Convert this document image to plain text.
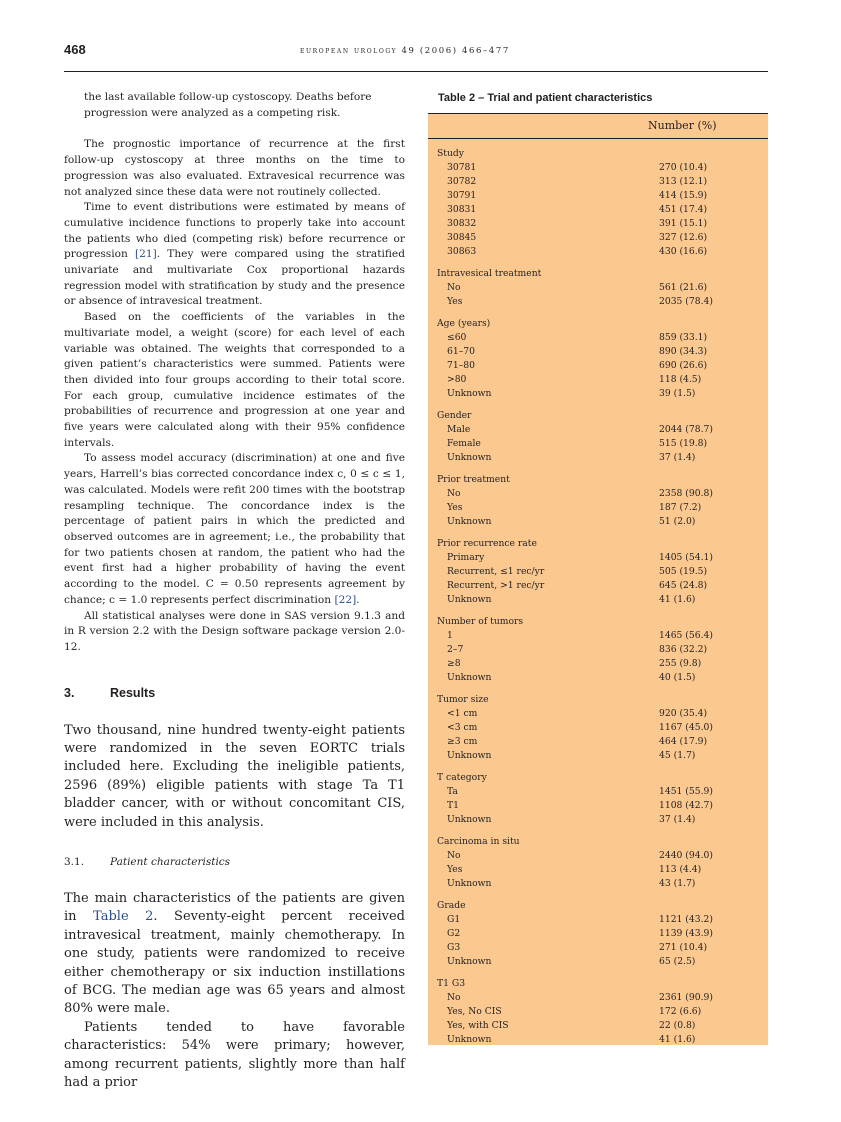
468	european urology 49 (2006) 466–477

the last available follow-up cystoscopy. Deaths before

progression were analyzed as a competing risk.

The prognostic importance of recurrence at the first follow-up cystoscopy at three months on the time to progression was also evaluated. Extravesical recurrence was not analyzed since these data were not routinely collected.

Time to event distributions were estimated by means of cumulative incidence functions to properly take into account the patients who died (competing risk) before recurrence or progression [21]. They were compared using the stratified univariate and multivariate Cox proportional hazards regression model with stratification by study and the presence or absence of intravesical treatment.

Based on the coefficients of the variables in the multivariate model, a weight (score) for each level of each variable was obtained. The weights that corresponded to a given patient’s characteristics were summed. Patients were then divided into four groups according to their total score. For each group, cumulative incidence estimates of the probabilities of recurrence and progression at one year and five years were calculated along with their 95% confidence intervals.

To assess model accuracy (discrimination) at one and five years, Harrell’s bias corrected concordance index c, 0 ≤ c ≤ 1, was calculated. Models were refit 200 times with the bootstrap resampling technique. The concordance index is the percentage of patient pairs in which the predicted and observed outcomes are in agreement; i.e., the probability that for two patients chosen at random, the patient who had the event first had a higher probability of having the event according to the model. C = 0.50 represents agreement by chance; c = 1.0 represents perfect discrimination [22].

All statistical analyses were done in SAS version 9.1.3 and in R version 2.2 with the Design software package version 2.0-12.

3.	Results

Two thousand, nine hundred twenty-eight patients were randomized in the seven EORTC trials included here. Excluding the ineligible patients, 2596 (89%) eligible patients with stage Ta T1 bladder cancer, with or without concomitant CIS, were included in this analysis.

3.1. Patient characteristics

The main characteristics of the patients are given in Table 2. Seventy-eight percent received intravesical treatment, mainly chemotherapy. In one study, patients were randomized to receive either chemotherapy or six induction instillations of BCG. The median age was 65 years and almost 80% were male.

Patients tended to have favorable characteristics: 54% were primary; however, among recurrent patients, slightly more than half had a prior

Table 2 – Trial and patient characteristics
Number (%)
Study
30781	270 (10.4)
30782	313 (12.1)
30791	414 (15.9)
30831	451 (17.4)
30832	391 (15.1)
30845	327 (12.6)
30863	430 (16.6)
Intravesical treatment
No	561 (21.6)
Yes	2035 (78.4)
Age (years)
≤60	859 (33.1)
61–70	890 (34.3)
71–80	690 (26.6)
>80	118 (4.5)
Unknown	39 (1.5)
Gender
Male	2044 (78.7)
Female	515 (19.8)
Unknown	37 (1.4)
Prior treatment
No	2358 (90.8)
Yes	187 (7.2)
Unknown	51 (2.0)
Prior recurrence rate
Primary	1405 (54.1)
Recurrent, ≤1 rec/yr	505 (19.5)
Recurrent, >1 rec/yr	645 (24.8)
Unknown	41 (1.6)
Number of tumors
1	1465 (56.4)
2–7	836 (32.2)
≥8	255 (9.8)
Unknown	40 (1.5)
Tumor size
<1 cm	920 (35.4)
<3 cm	1167 (45.0)
≥3 cm	464 (17.9)
Unknown	45 (1.7)
T category
Ta	1451 (55.9)
T1	1108 (42.7)
Unknown	37 (1.4)
Carcinoma in situ
No	2440 (94.0)
Yes	113 (4.4)
Unknown	43 (1.7)
Grade
G1	1121 (43.2)
G2	1139 (43.9)
G3	271 (10.4)
Unknown	65 (2.5)
T1 G3
No	2361 (90.9)
Yes, No CIS	172 (6.6)
Yes, with CIS	22 (0.8)
Unknown	41 (1.6)
